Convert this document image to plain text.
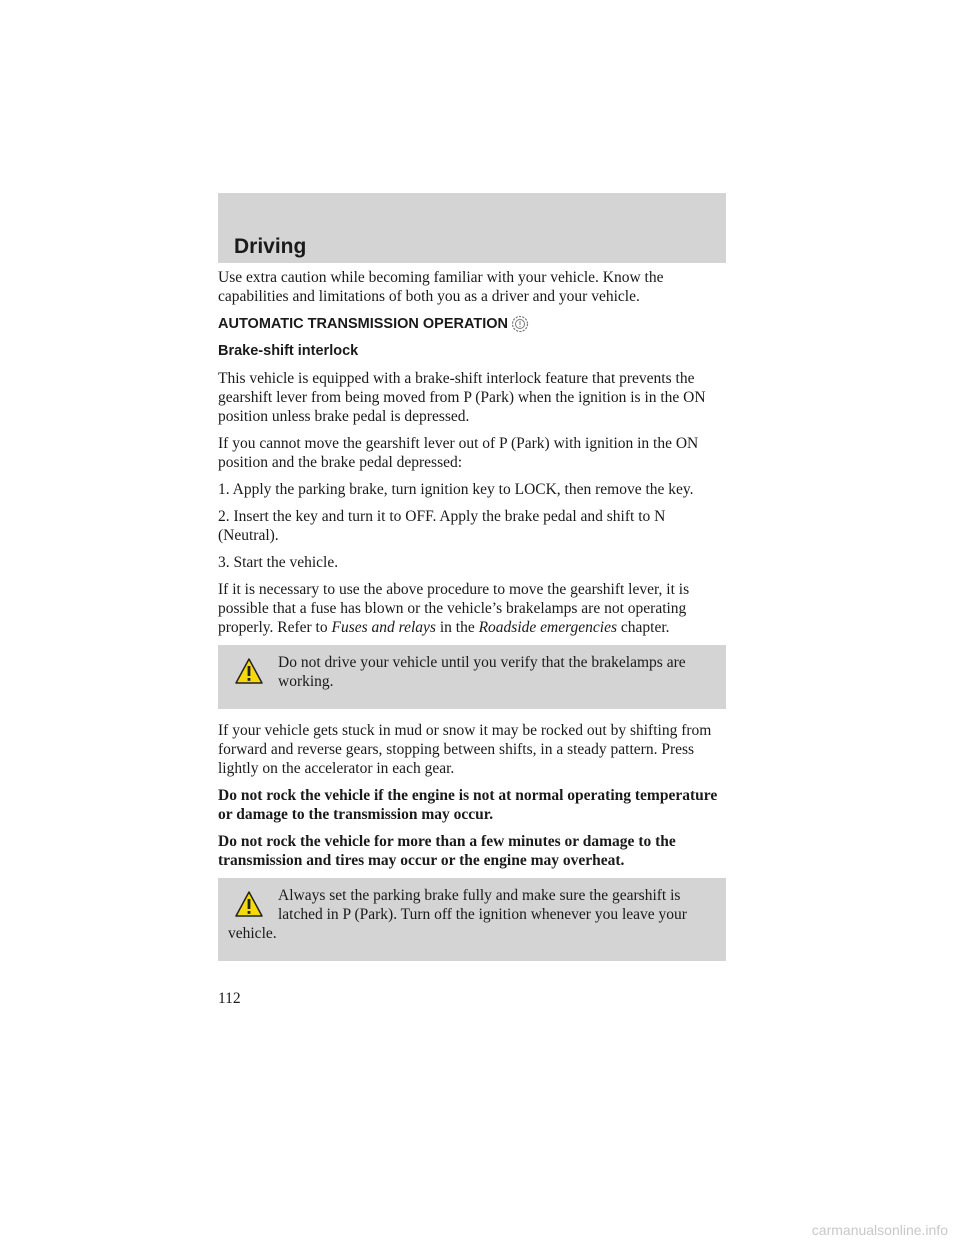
Driving

Use extra caution while becoming familiar with your vehicle. Know the capabilities and limitations of both you as a driver and your vehicle.

AUTOMATIC TRANSMISSION OPERATION
Brake-shift interlock

This vehicle is equipped with a brake-shift interlock feature that prevents the gearshift lever from being moved from P (Park) when the ignition is in the ON position unless brake pedal is depressed.

If you cannot move the gearshift lever out of P (Park) with ignition in the ON position and the brake pedal depressed:

1. Apply the parking brake, turn ignition key to LOCK, then remove the key.

2. Insert the key and turn it to OFF. Apply the brake pedal and shift to N (Neutral).

3. Start the vehicle.

If it is necessary to use the above procedure to move the gearshift lever, it is possible that a fuse has blown or the vehicle’s brakelamps are not operating properly. Refer to Fuses and relays in the Roadside emergencies chapter.

Do not drive your vehicle until you verify that the brakelamps are working.

If your vehicle gets stuck in mud or snow it may be rocked out by shifting from forward and reverse gears, stopping between shifts, in a steady pattern. Press lightly on the accelerator in each gear.

Do not rock the vehicle if the engine is not at normal operating temperature or damage to the transmission may occur.

Do not rock the vehicle for more than a few minutes or damage to the transmission and tires may occur or the engine may overheat.

Always set the parking brake fully and make sure the gearshift is latched in P (Park). Turn off the ignition whenever you leave your vehicle.

112
carmanualsonline.info
